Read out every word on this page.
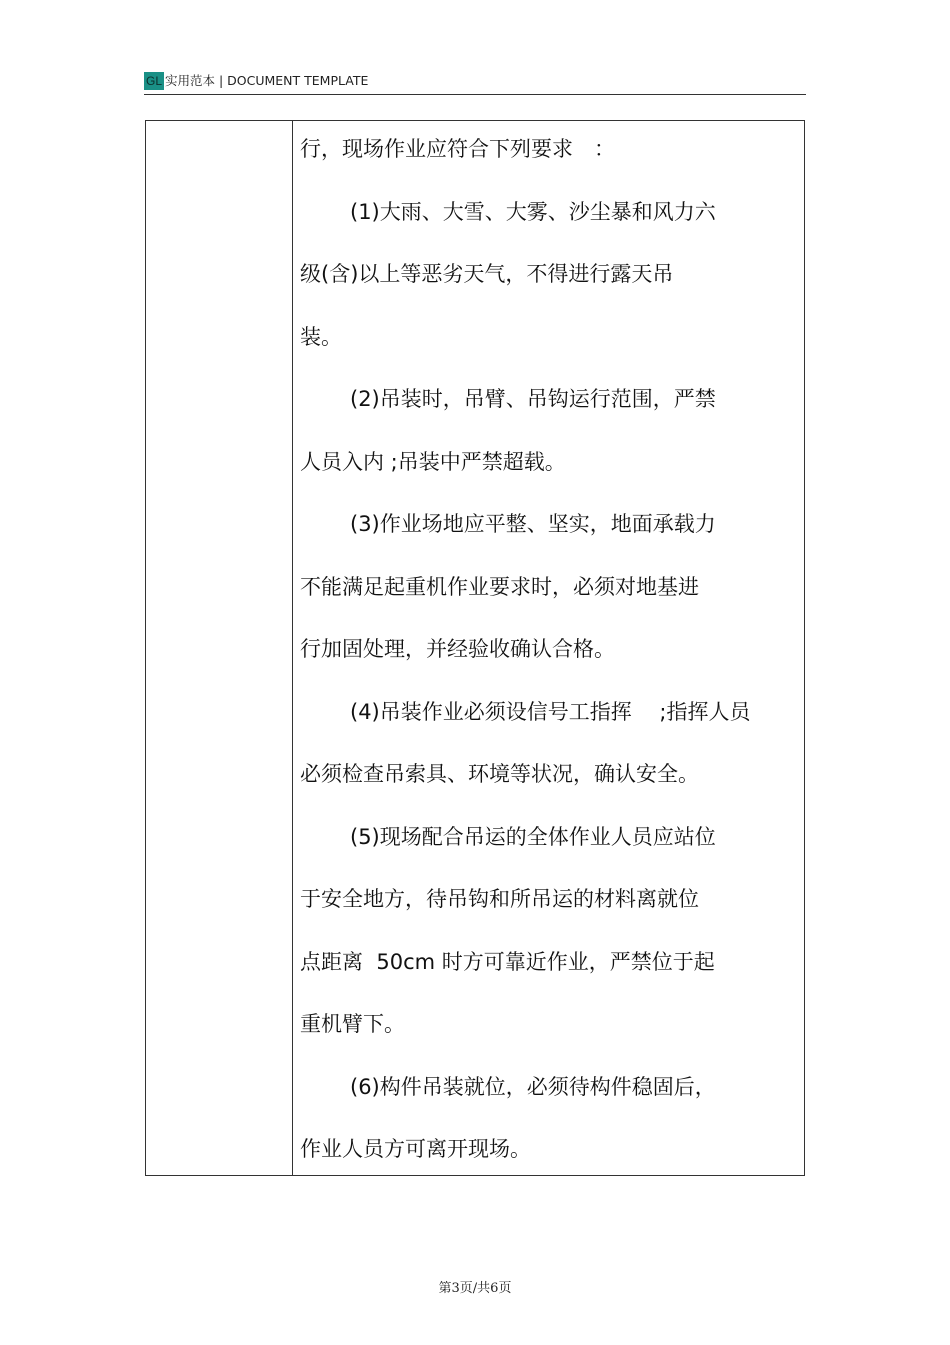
GL 实用范本 | DOCUMENT TEMPLATE
行，现场作业应符合下列要求　：
(1)大雨、大雪、大雾、沙尘暴和风力六
级(含)以上等恶劣天气，不得进行露天吊
装。
(2)吊装时，吊臂、吊钩运行范围，严禁
人员入内 ;吊装中严禁超载。
(3)作业场地应平整、坚实，地面承载力
不能满足起重机作业要求时，必须对地基进
行加固处理，并经验收确认合格。
(4)吊装作业必须设信号工指挥　 ;指挥人员
必须检查吊索具、环境等状况，确认安全。
(5)现场配合吊运的全体作业人员应站位
于安全地方，待吊钩和所吊运的材料离就位
点距离  50cm 时方可靠近作业，严禁位于起
重机臂下。
(6)构件吊装就位，必须待构件稳固后，
作业人员方可离开现场。
第3页/共6页
